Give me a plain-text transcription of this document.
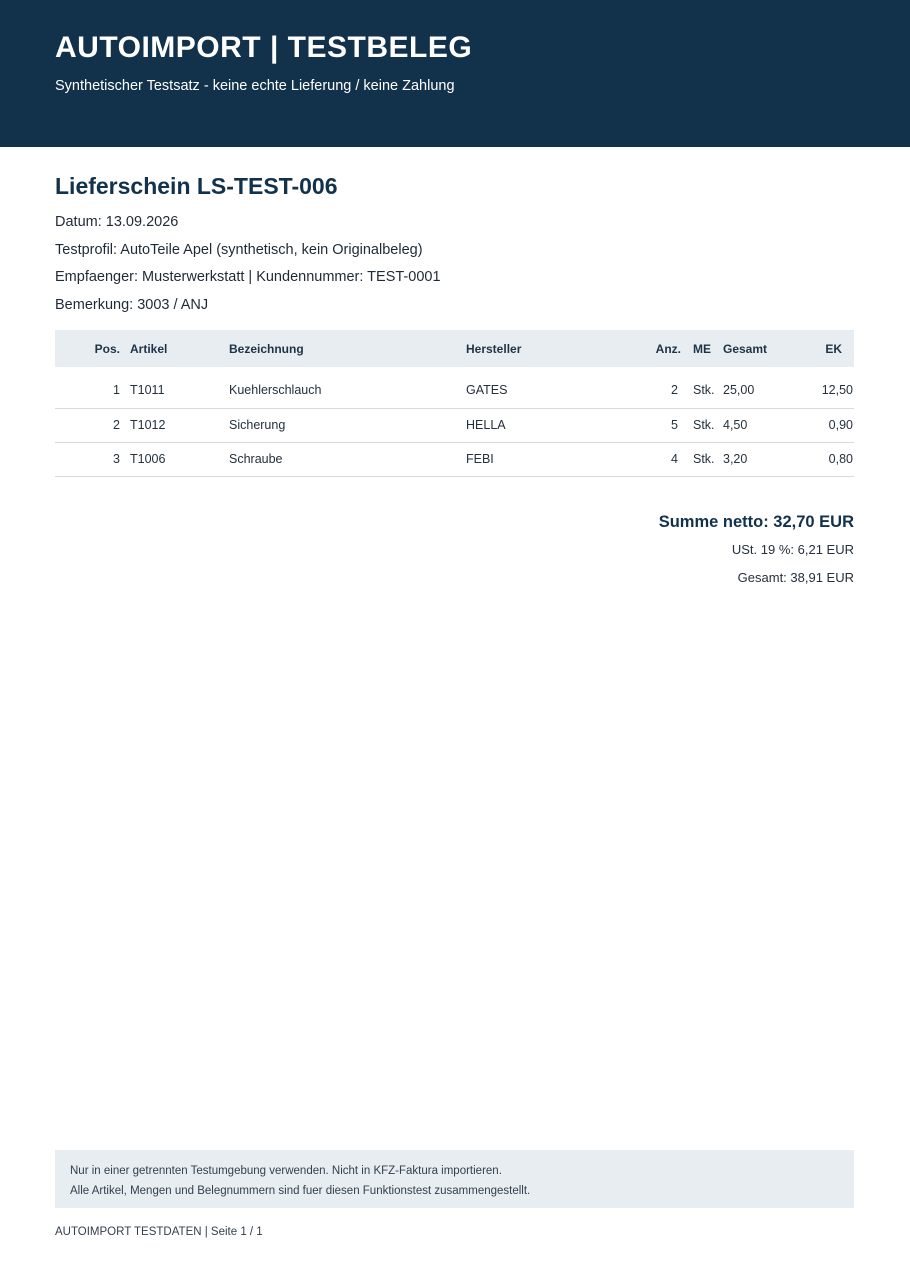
AUTOIMPORT | TESTBELEG
Synthetischer Testsatz - keine echte Lieferung / keine Zahlung
Lieferschein LS-TEST-006
Datum: 13.09.2026
Testprofil: AutoTeile Apel (synthetisch, kein Originalbeleg)
Empfaenger: Musterwerkstatt | Kundennummer: TEST-0001
Bemerkung: 3003 / ANJ
Pos.	Artikel	Bezeichnung	Hersteller	Anz.	ME	Gesamt	EK
1	T1011	Kuehlerschlauch	GATES	2	Stk.	25,00	12,50
2	T1012	Sicherung	HELLA	5	Stk.	4,50	0,90
3	T1006	Schraube	FEBI	4	Stk.	3,20	0,80
Summe netto: 32,70 EUR
USt. 19 %: 6,21 EUR
Gesamt: 38,91 EUR
Nur in einer getrennten Testumgebung verwenden. Nicht in KFZ-Faktura importieren.
Alle Artikel, Mengen und Belegnummern sind fuer diesen Funktionstest zusammengestellt.
AUTOIMPORT TESTDATEN | Seite 1 / 1
